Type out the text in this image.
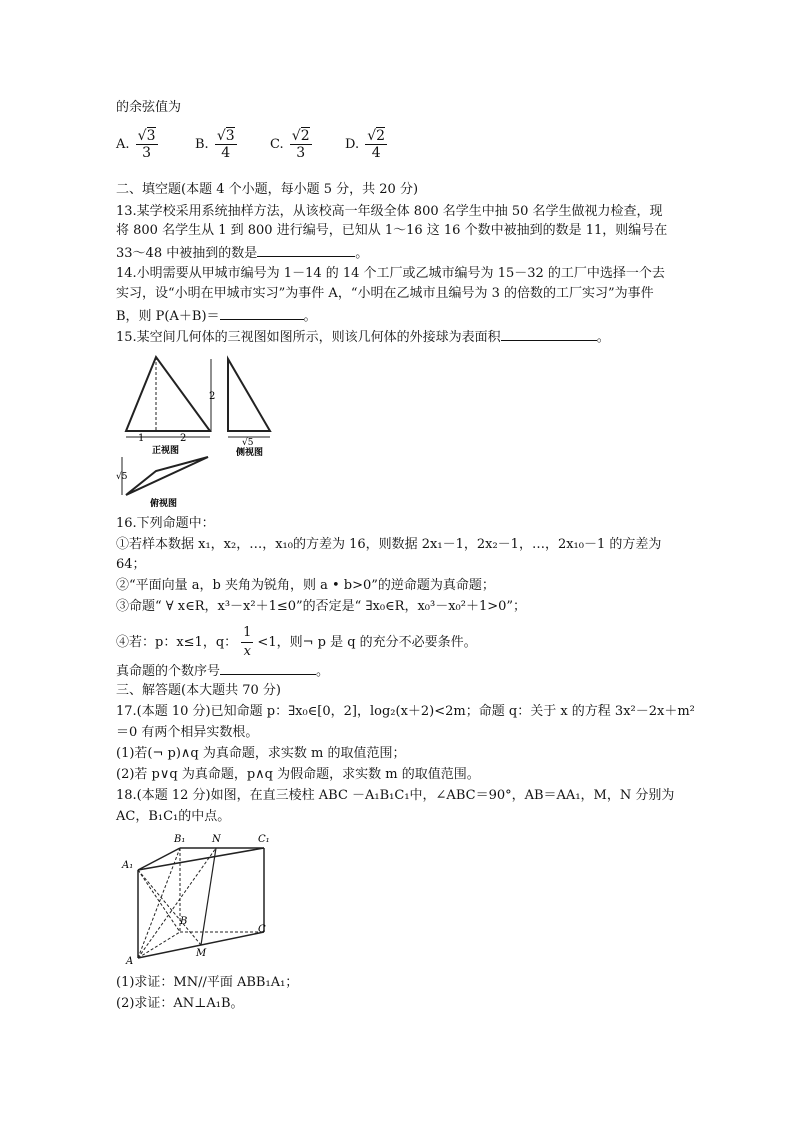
的余弦值为
A. $\frac{√3}{3}$	B. $\frac{√3}{4}$	C. $\frac{√2}{3}$	D. $\frac{√2}{4}$
二、填空题(本题 4 个小题，每小题 5 分，共 20 分)
13.某学校采用系统抽样方法，从该校高一年级全体 800 名学生中抽 50 名学生做视力检查，现
将 800 名学生从 1 到 800 进行编号，已知从 1～16 这 16 个数中被抽到的数是 11，则编号在
33～48 中被抽到的数是	。
14.小明需要从甲城市编号为 1－14 的 14 个工厂或乙城市编号为 15－32 的工厂中选择一个去
实习，设“小明在甲城市实习”为事件 A，“小明在乙城市且编号为 3 的倍数的工厂实习”为事件
B，则 P(A＋B)＝	。
15.某空间几何体的三视图如图所示，则该几何体的外接球为表面积	。
2
1	2
正视图
√5
侧视图
√5
俯视图
16.下列命题中：
①若样本数据 x₁，x₂，…，x₁₀的方差为 16，则数据 2x₁－1，2x₂－1，…，2x₁₀－1 的方差为
64；
②“平面向量 a，b 夹角为锐角，则 a • b>0”的逆命题为真命题；
③命题“ ∀ x∈R，x³－x²＋1≤0”的否定是“ ∃x₀∈R，x₀³－x₀²＋1>0”；
④若：p：x≤1，q： $\frac{1}{x} <1$，则¬ p 是 q 的充分不必要条件。
真命题的个数序号	。
三、解答题(本大题共 70 分)
17.(本题 10 分)已知命题 p：∃x₀∈[0，2]，log₂(x＋2)<2m；命题 q：关于 x 的方程 3x²－2x＋m²
＝0 有两个相异实数根。
(1)若(¬ p)∧q 为真命题，求实数 m 的取值范围；
(2)若 p∨q 为真命题，p∧q 为假命题，求实数 m 的取值范围。
18.(本题 12 分)如图，在直三棱柱 ABC －A₁B₁C₁中，∠ABC＝90°，AB＝AA₁，M，N 分别为
AC，B₁C₁的中点。
A₁
B₁	N	C₁
B
C
A
M
(1)求证：MN//平面 ABB₁A₁；
(2)求证：AN⊥A₁B。
